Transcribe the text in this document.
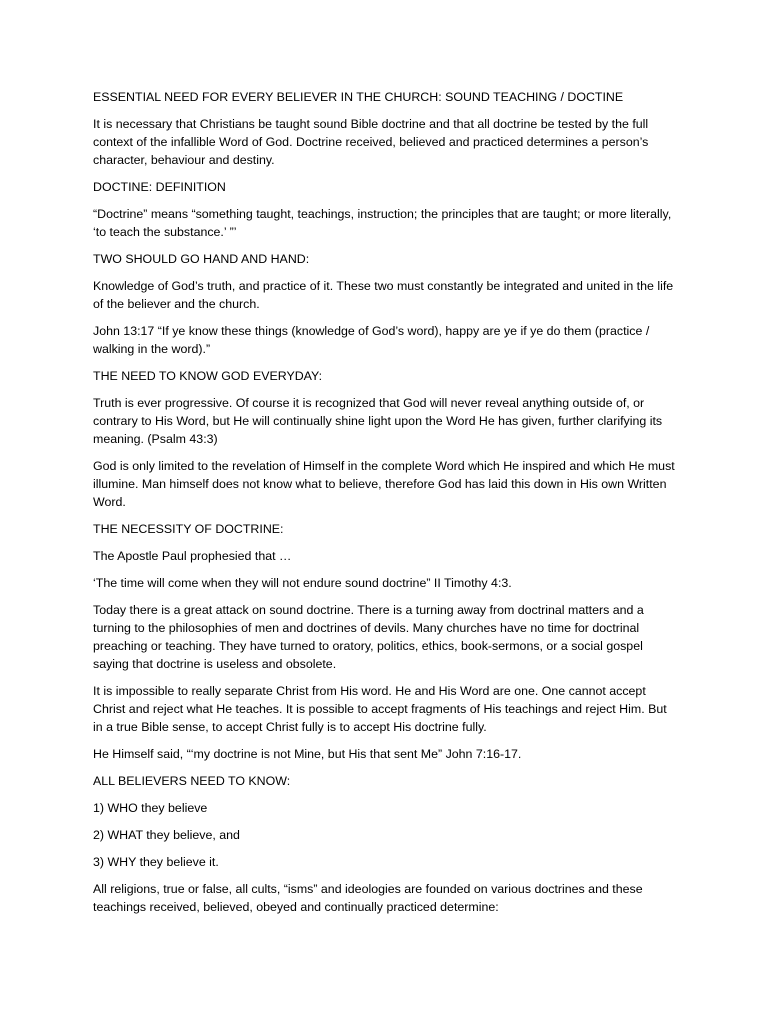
ESSENTIAL NEED FOR EVERY BELIEVER IN THE CHURCH: SOUND TEACHING / DOCTINE
It is necessary that Christians be taught sound Bible doctrine and that all doctrine be tested by the full context of the infallible Word of God. Doctrine received, believed and practiced determines a person’s character, behaviour and destiny.
DOCTINE: DEFINITION
“Doctrine” means “something taught, teachings, instruction; the principles that are taught; or more literally, ‘to teach the substance.’ ”’
TWO SHOULD GO HAND AND HAND:
Knowledge of God’s truth, and practice of it. These two must constantly be integrated and united in the life of the believer and the church.
John 13:17 “If ye know these things (knowledge of God’s word), happy are ye if ye do them (practice / walking in the word).”
THE NEED TO KNOW GOD EVERYDAY:
Truth is ever progressive. Of course it is recognized that God will never reveal anything outside of, or contrary to His Word, but He will continually shine light upon the Word He has given, further clarifying its meaning. (Psalm 43:3)
God is only limited to the revelation of Himself in the complete Word which He inspired and which He must illumine. Man himself does not know what to believe, therefore God has laid this down in His own Written Word.
THE NECESSITY OF DOCTRINE:
The Apostle Paul prophesied that …
‘The time will come when they will not endure sound doctrine” II Timothy 4:3.
Today there is a great attack on sound doctrine. There is a turning away from doctrinal matters and a turning to the philosophies of men and doctrines of devils. Many churches have no time for doctrinal preaching or teaching. They have turned to oratory, politics, ethics, book-sermons, or a social gospel saying that doctrine is useless and obsolete.
It is impossible to really separate Christ from His word. He and His Word are one. One cannot accept Christ and reject what He teaches. It is possible to accept fragments of His teachings and reject Him. But in a true Bible sense, to accept Christ fully is to accept His doctrine fully.
He Himself said, “‘my doctrine is not Mine, but His that sent Me” John 7:16-17.
ALL BELIEVERS NEED TO KNOW:
1) WHO they believe
2) WHAT they believe, and
3) WHY they believe it.
All religions, true or false, all cults, “isms” and ideologies are founded on various doctrines and these teachings received, believed, obeyed and continually practiced determine:
